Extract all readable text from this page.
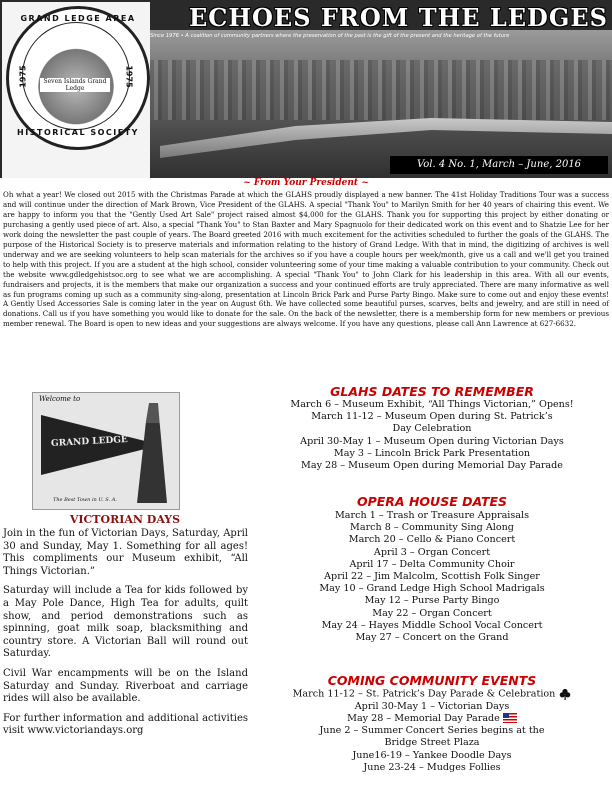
GRAND LEDGE AREA
HISTORICAL SOCIETY
1975	1975
Seven Islands Grand Ledge
ECHOES FROM THE LEDGES
Since 1976 • A coalition of community partners where the preservation of the past is the gift of the present and the heritage of the future
Vol. 4 No. 1, March – June, 2016
~ From Your President ~
Oh what a year! We closed out 2015 with the Christmas Parade at which the GLAHS proudly displayed a new banner. The 41st Holiday Traditions Tour was a success and will continue under the direction of Mark Brown, Vice President of the GLAHS. A special "Thank You" to Marilyn Smith for her 40 years of chairing this event. We are happy to inform you that the "Gently Used Art Sale" project raised almost $4,000 for the GLAHS. Thank you for supporting this project by either donating or purchasing a gently used piece of art. Also, a special "Thank You" to Stan Baxter and Mary Spagnuolo for their dedicated work on this event and to Shatzie Lee for her work doing the newsletter the past couple of years. The Board greeted 2016 with much excitement for the activities scheduled to further the goals of the GLAHS. The purpose of the Historical Society is to preserve materials and information relating to the history of Grand Ledge. With that in mind, the digitizing of archives is well underway and we are seeking volunteers to help scan materials for the archives so if you have a couple hours per week/month, give us a call and we'll get you trained to help with this project. If you are a student at the high school, consider volunteering some of your time making a valuable contribution to your community. Check out the website www.gdledgehistsoc.org to see what we are accomplishing. A special "Thank You" to John Clark for his leadership in this area. With all our events, fundraisers and projects, it is the members that make our organization a success and your continued efforts are truly appreciated. There are many informative as well as fun programs coming up such as a community sing-along, presentation at Lincoln Brick Park and Purse Party Bingo. Make sure to come out and enjoy these events! A Gently Used Accessories Sale is coming later in the year on August 6th. We have collected some beautiful purses, scarves, belts and jewelry, and are still in need of donations. Call us if you have something you would like to donate for the sale. On the back of the newsletter, there is a membership form for new members or previous member renewal. The Board is open to new ideas and your suggestions are always welcome. If you have any questions, please call Ann Lawrence at 627-6632.
Welcome to
GRAND LEDGE
The Best Town in U. S. A.
VICTORIAN DAYS

Join in the fun of Victorian Days, Saturday, April 30 and Sunday, May 1. Something for all ages! This compliments our Museum exhibit, “All Things Victorian.”

Saturday will include a Tea for kids followed by a May Pole Dance, High Tea for adults, quilt show, and period demonstrations such as spinning, goat milk soap, blacksmithing and country store. A Victorian Ball will round out Saturday.

Civil War encampments will be on the Island Saturday and Sunday. Riverboat and carriage rides will also be available.

For further information and additional activities visit www.victoriandays.org

GLAHS DATES TO REMEMBER
March 6 – Museum Exhibit, “All Things Victorian,” Opens!
March 11-12 – Museum Open during St. Patrick’s
Day Celebration
April 30-May 1 – Museum Open during Victorian Days
May 3 – Lincoln Brick Park Presentation
May 28 – Museum Open during Memorial Day Parade
OPERA HOUSE DATES
March 1 – Trash or Treasure Appraisals
March 8 – Community Sing Along
March 20 – Cello & Piano Concert
April 3 – Organ Concert
April 17 – Delta Community Choir
April 22 – Jim Malcolm, Scottish Folk Singer
May 10 – Grand Ledge High School Madrigals
May 12 – Purse Party Bingo
May 22 – Organ Concert
May 24 – Hayes Middle School Vocal Concert
May 27 – Concert on the Grand
COMING COMMUNITY EVENTS
March 11-12 – St. Patrick’s Day Parade & Celebration
April 30-May 1 – Victorian Days
May 28 – Memorial Day Parade
June 2 – Summer Concert Series begins at the
Bridge Street Plaza
June16-19 – Yankee Doodle Days
June 23-24 – Mudges Follies
